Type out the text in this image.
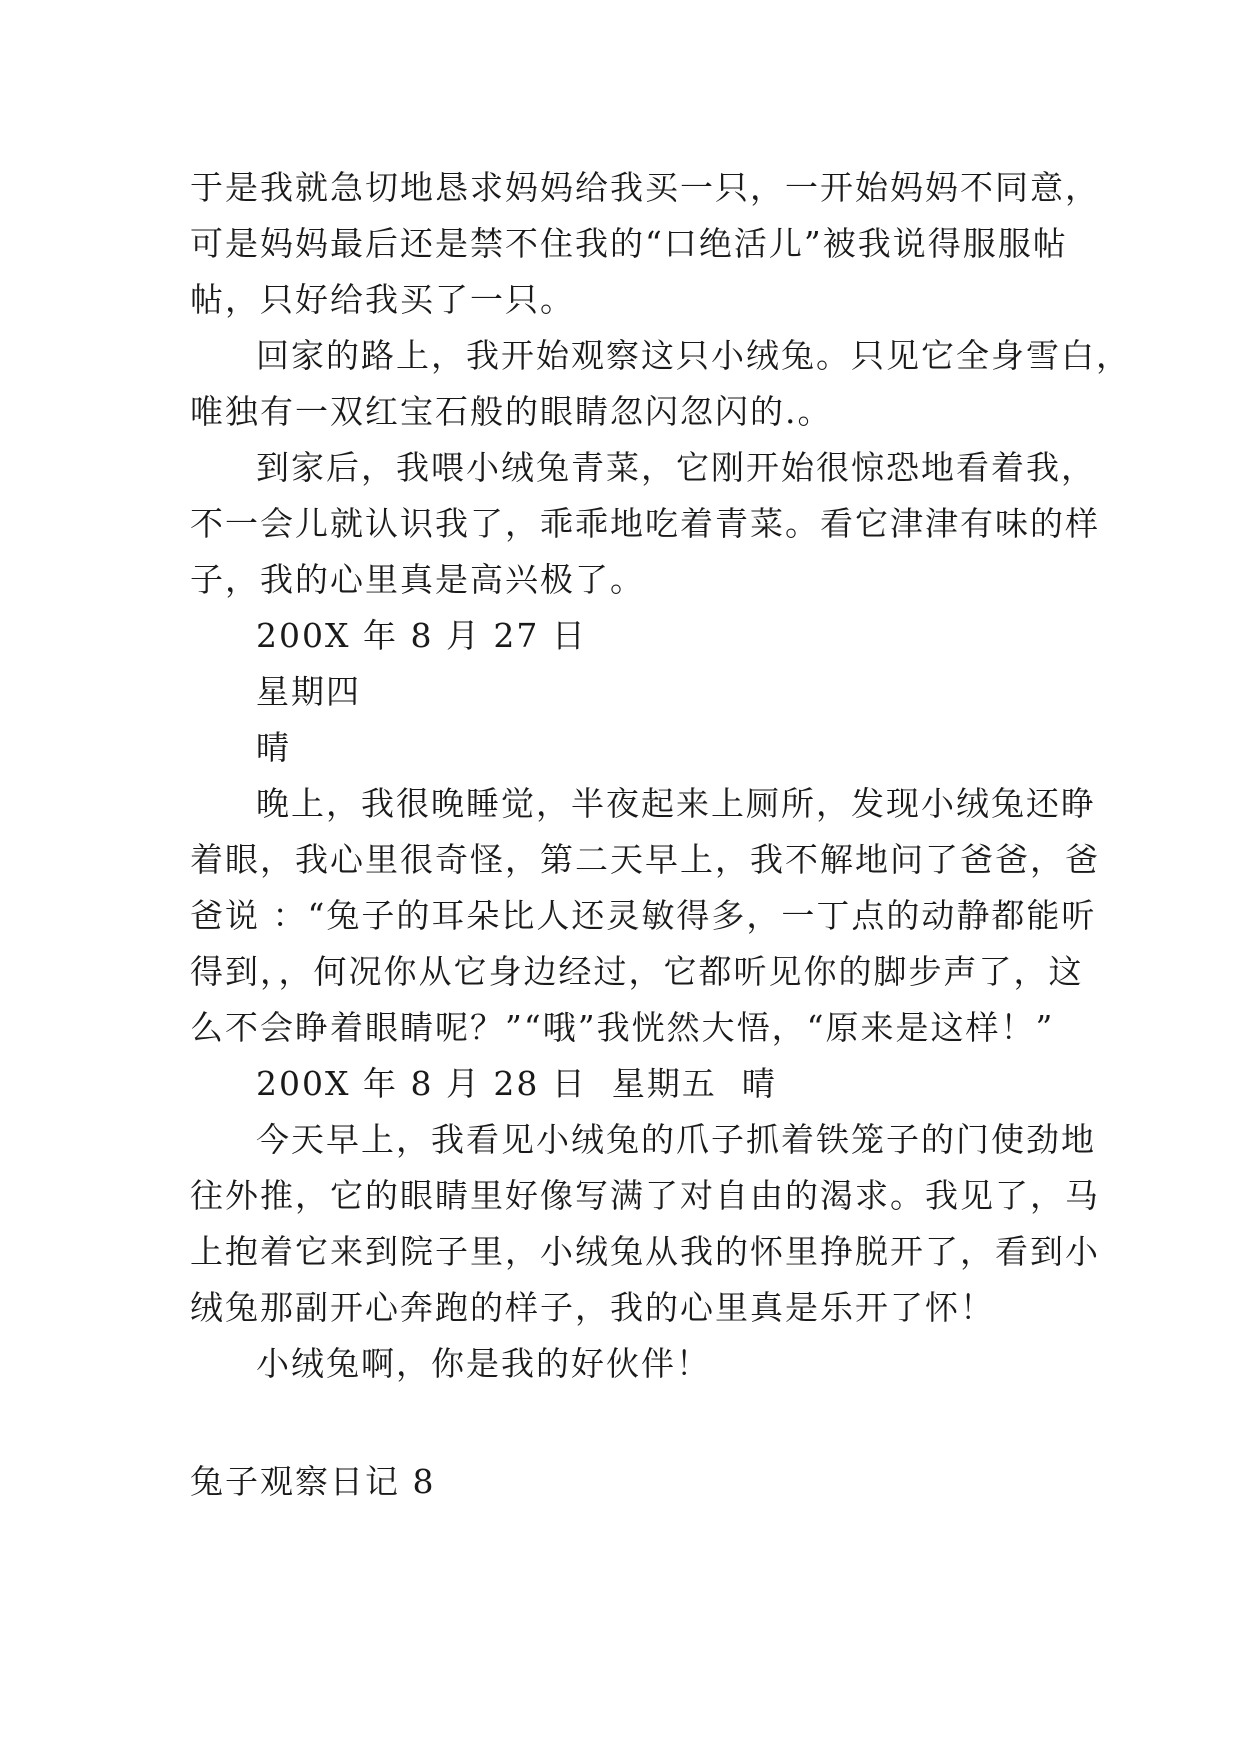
于是我就急切地恳求妈妈给我买一只，一开始妈妈不同意，
可是妈妈最后还是禁不住我的“口绝活儿”被我说得服服帖
帖，只好给我买了一只。

回家的路上，我开始观察这只小绒兔。只见它全身雪白，
唯独有一双红宝石般的眼睛忽闪忽闪的.。

到家后，我喂小绒兔青菜，它刚开始很惊恐地看着我，
不一会儿就认识我了，乖乖地吃着青菜。看它津津有味的样
子，我的心里真是高兴极了。

200X 年 8 月 27 日

星期四

晴

晚上，我很晚睡觉，半夜起来上厕所，发现小绒兔还睁
着眼，我心里很奇怪，第二天早上，我不解地问了爸爸，爸
爸说 ：“兔子的耳朵比人还灵敏得多，一丁点的动静都能听
得到，，何况你从它身边经过，它都听见你的脚步声了，这
么不会睁着眼睛呢？”“哦”我恍然大悟，“原来是这样！”

200X 年 8 月 28 日  星期五  晴

今天早上，我看见小绒兔的爪子抓着铁笼子的门使劲地
往外推，它的眼睛里好像写满了对自由的渴求。我见了，马
上抱着它来到院子里，小绒兔从我的怀里挣脱开了，看到小
绒兔那副开心奔跑的样子，我的心里真是乐开了怀！

小绒兔啊，你是我的好伙伴！

兔子观察日记 8
